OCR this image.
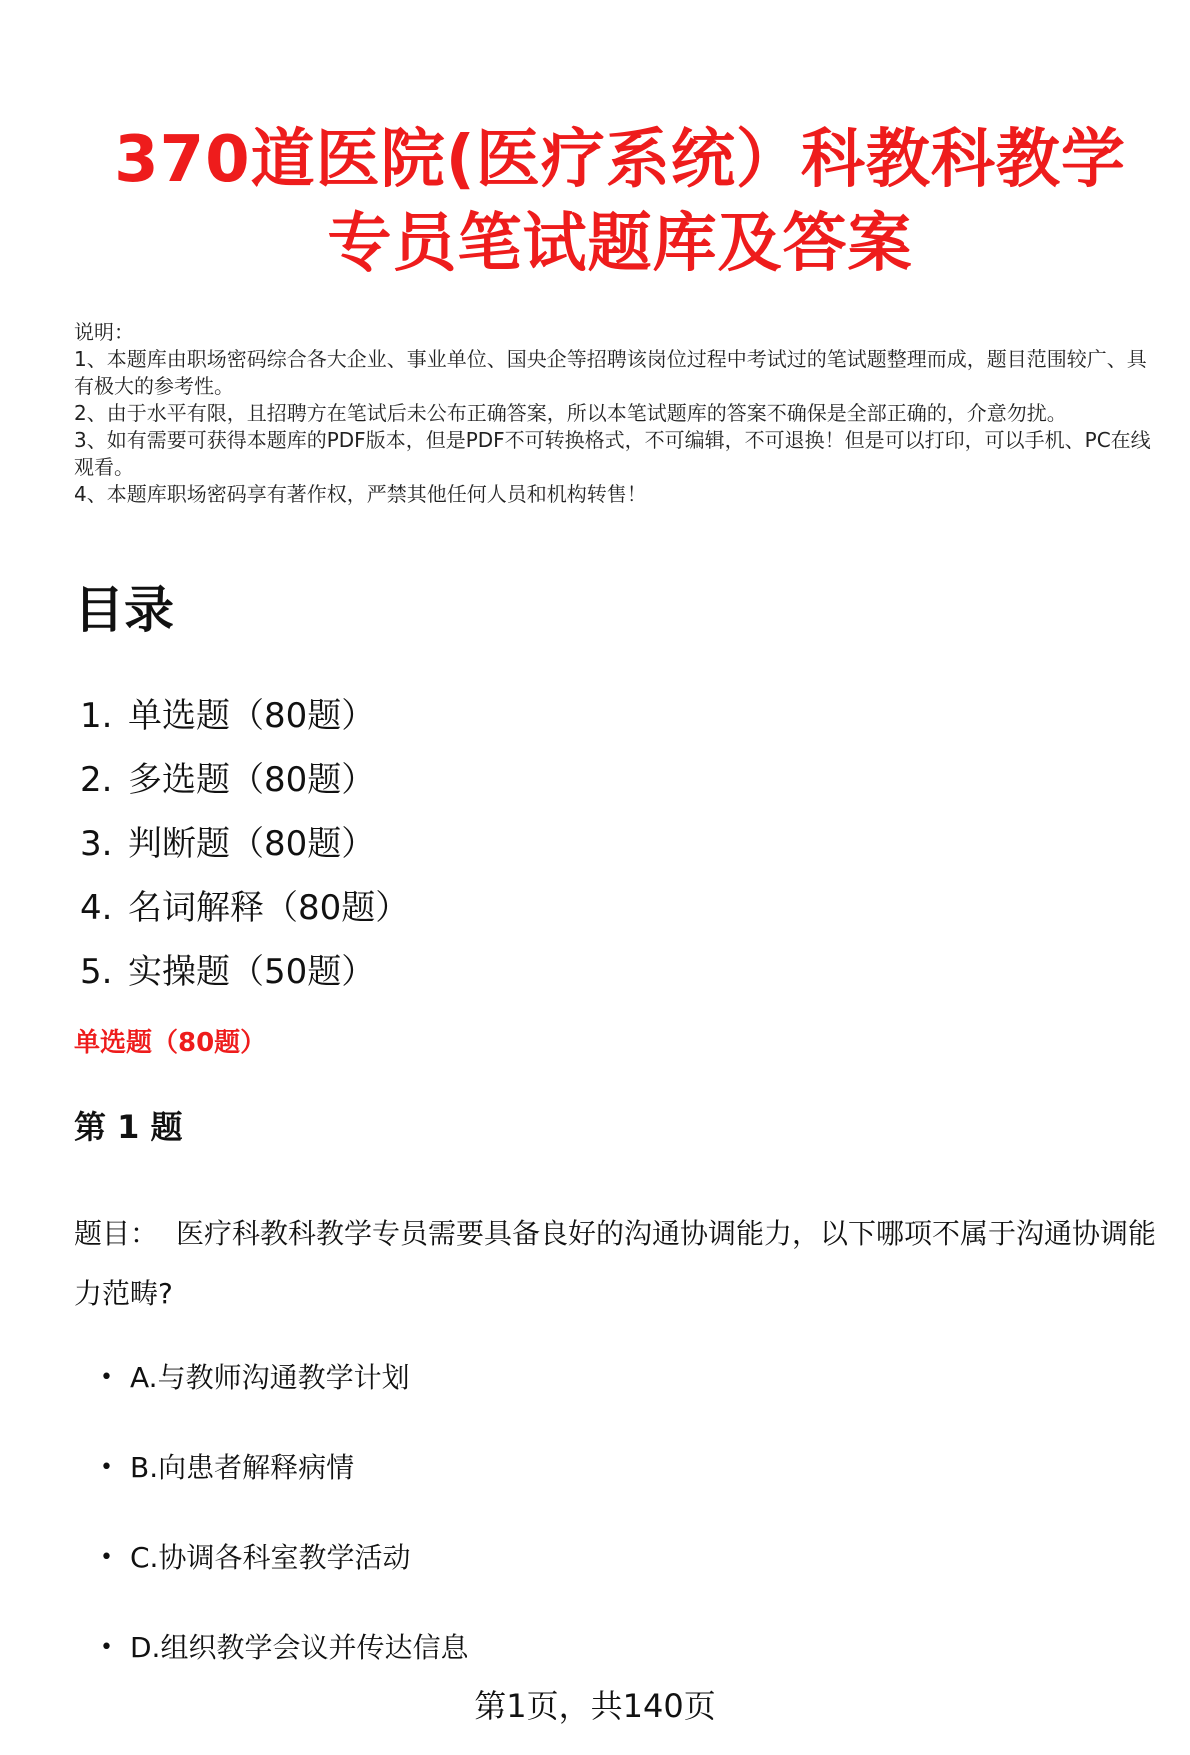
370道医院(医疗系统）科教科教学
专员笔试题库及答案

说明：

1、本题库由职场密码综合各大企业、事业单位、国央企等招聘该岗位过程中考试过的笔试题整理而成，题目范围较广、具有极大的参考性。

2、由于水平有限，且招聘方在笔试后未公布正确答案，所以本笔试题库的答案不确保是全部正确的，介意勿扰。

3、如有需要可获得本题库的PDF版本，但是PDF不可转换格式，不可编辑，不可退换！但是可以打印，可以手机、PC在线观看。

4、本题库职场密码享有著作权，严禁其他任何人员和机构转售！

目录
1. 单选题（80题）
2. 多选题（80题）
3. 判断题（80题）
4. 名词解释（80题）
5. 实操题（50题）
单选题（80题）
第 1 题
题目： 医疗科教科教学专员需要具备良好的沟通协调能力，以下哪项不属于沟通协调能力范畴?
• A.与教师沟通教学计划
• B.向患者解释病情
• C.协调各科室教学活动
• D.组织教学会议并传达信息
第1页，共140页
